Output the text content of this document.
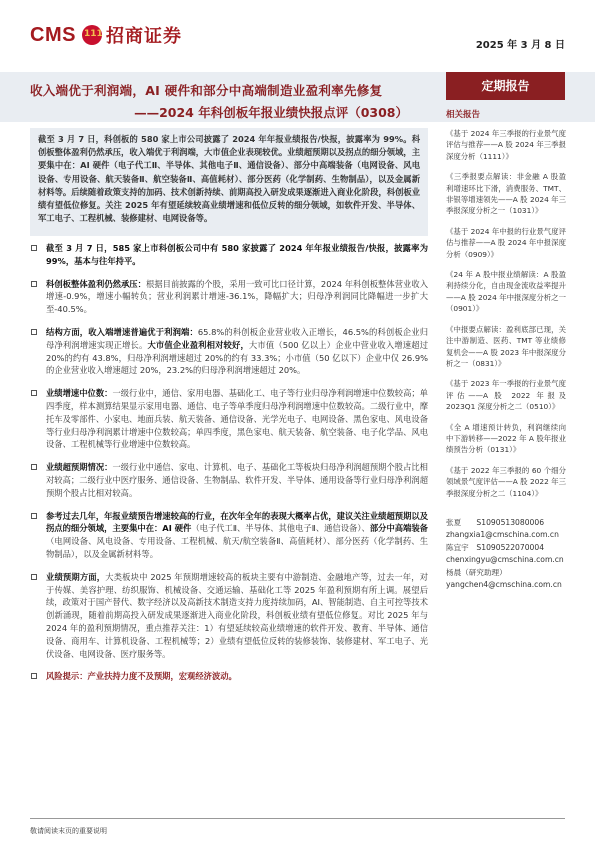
CMS
111 招商证券	2025 年 3 月 8 日
收入端优于利润端，AI 硬件和部分中高端制造业盈利率先修复
——2024 年科创板年报业绩快报点评（0308）
定期报告
截至 3 月 7 日，科创板的 580 家上市公司披露了 2024 年年报业绩报告/快报，披露率为 99%。科创板整体盈利仍然承压，收入端优于利润端，大市值企业表现较优。业绩超预期以及拐点的细分领域，主要集中在：AI 硬件（电子代工Ⅱ、半导体、其他电子Ⅱ、通信设备）、部分中高端装备（电网设备、风电设备、专用设备、航天装备Ⅱ、航空装备Ⅱ、高值耗材）、部分医药（化学制药、生物制品），以及金属新材料等。后续随着政策支持的加码、技术创新持续、前期高投入研发成果逐渐进入商业化阶段，科创板业绩有望低位修复。关注 2025 年有望延续较高业绩增速和低位反转的细分领域，如软件开发、半导体、军工电子、工程机械、装修建材、电网设备等。
截至 3 月 7 日，585 家上市科创板公司中有 580 家披露了 2024 年年报业绩报告/快报，披露率为 99%，基本与往年持平。
科创板整体盈利仍然承压：根据目前披露的个股，采用一致可比口径计算，2024 年科创板整体营业收入增速-0.9%，增速小幅转负；营业利润累计增速-36.1%，降幅扩大；归母净利润同比降幅进一步扩大至-40.5%。
结构方面，收入端增速普遍优于利润端：65.8%的科创板企业营业收入正增长，46.5%的科创板企业归母净利润增速实现正增长。大市值企业盈利相对较好，大市值（500 亿以上）企业中营业收入增速超过 20%的约有 43.8%，归母净利润增速超过 20%的约有 33.3%；小市值（50 亿以下）企业中仅 26.9%的企业营业收入增速超过 20%，23.2%的归母净利润增速超过 20%。
业绩增速中位数：一级行业中，通信、家用电器、基础化工、电子等行业归母净利润增速中位数较高；单四季度，样本测算结果显示家用电器、通信、电子等单季度归母净利润增速中位数较高。二级行业中，摩托车及零部件、小家电、地面兵装、航天装备、通信设备、光学光电子、电网设备、黑色家电、风电设备等行业归母净利润累计增速中位数较高；单四季度，黑色家电、航天装备、航空装备、电子化学品、风电设备、工程机械等行业增速中位数较高。
业绩超预期情况：一级行业中通信、家电、计算机、电子、基础化工等板块归母净利润超预期个股占比相对较高；二级行业中医疗服务、通信设备、生物制品、软件开发、半导体、通用设备等行业归母净利润超预期个股占比相对较高。
参考过去几年，年报业绩预告增速较高的行业，在次年全年的表现大概率占优，建议关注业绩超预期以及拐点的细分领域，主要集中在：AI 硬件（电子代工Ⅱ、半导体、其他电子Ⅱ、通信设备）、部分中高端装备（电网设备、风电设备、专用设备、工程机械、航天/航空装备Ⅱ、高值耗材）、部分医药（化学制药、生物制品），以及金属新材料等。
业绩预期方面，大类板块中 2025 年预期增速较高的板块主要有中游制造、金融地产等，过去一年，对于传媒、美容护理、纺织服饰、机械设备、交通运输、基础化工等 2025 年盈利预期有所上调。展望后续，政策对于国产替代、数字经济以及高新技术制造支持力度持续加码，AI、智能制造、自主可控等技术创新涌现，随着前期高投入研发成果逐渐进入商业化阶段，科创板业绩有望低位修复。对比 2025 年与 2024 年的盈利预期情况，重点推荐关注：1）有望延续较高业绩增速的软件开发、教育、半导体、通信设备、商用车、计算机设备、工程机械等；2）业绩有望低位反转的装修装饰、装修建材、军工电子、光伏设备、电网设备、医疗服务等。
风险提示：产业扶持力度不及预期，宏观经济波动。
相关报告
《基于 2024 年三季报的行业景气度评估与推荐——A 股 2024 年三季报深度分析（1111）》
《三季报要点解读：非金融 A 股盈利增速环比下滑，消费服务、TMT、非银等增速领先——A 股 2024 年三季报深度分析之一（1031）》
《基于 2024 年中报的行业景气度评估与推荐——A 股 2024 年中报深度分析（0909）》
《24 年 A 股中报业绩解读：A 股盈利持续分化，自由现金流收益率提升——A 股 2024 年中报深度分析之一（0901）》
《中报要点解读：盈利底部已现，关注中游制造、医药、TMT 等业绩修复机会——A 股 2023 年中报深度分析之一（0831）》
《基于 2023 年一季报的行业景气度评估——A 股 2022 年报及 2023Q1 深度分析之二（0510）》
《全 A 增速预计转负，利润继续向中下游转移——2022 年 A 股年报业绩预告分析（0131）》
《基于 2022 年三季报的 60 个细分领域景气度评估——A 股 2022 年三季报深度分析之二（1104）》
张夏 S1090513080006
zhangxia1@cmschina.com.cn
陈宜宇 S1090522070004
chenxingyu@cmschina.com.cn
杨晨（研究助理）
yangchen4@cmschina.com.cn
敬请阅读末页的重要说明
